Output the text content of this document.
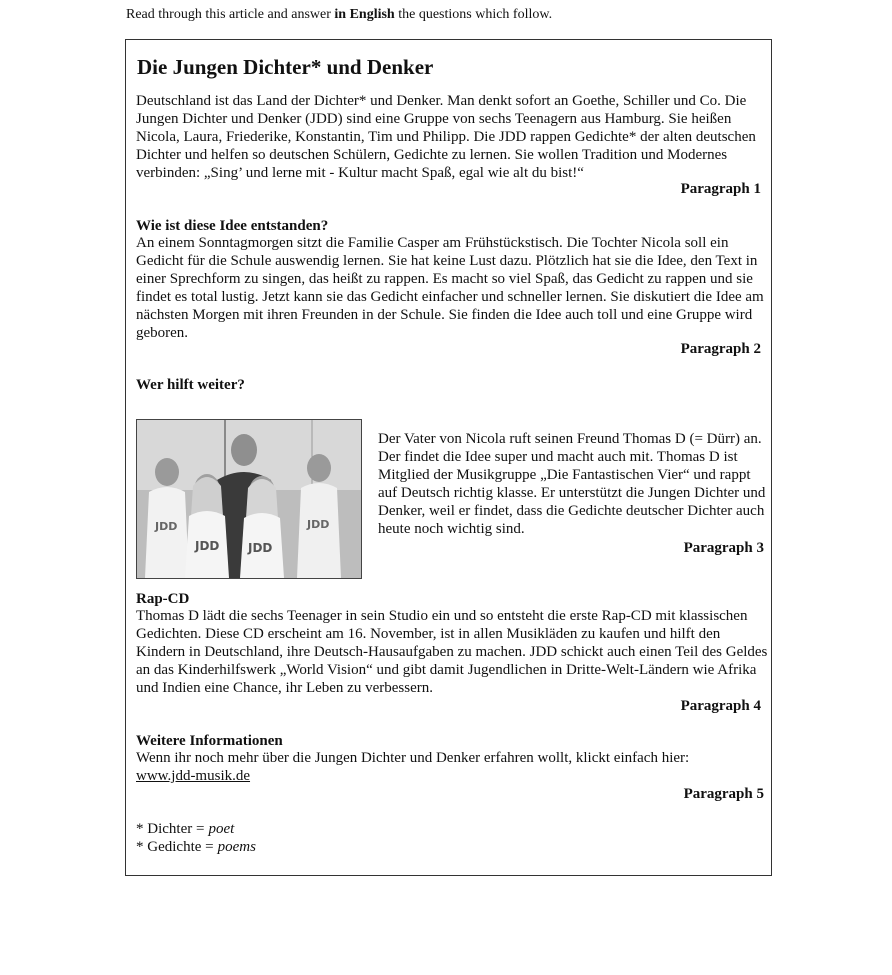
Read through this article and answer in English the questions which follow.
Die Jungen Dichter* und Denker
Deutschland ist das Land der Dichter* und Denker. Man denkt sofort an Goethe, Schiller und Co. Die Jungen Dichter und Denker (JDD) sind eine Gruppe von sechs Teenagern aus Hamburg. Sie heißen Nicola, Laura, Friederike, Konstantin, Tim und Philipp. Die JDD rappen Gedichte* der alten deutschen Dichter und helfen so deutschen Schülern, Gedichte zu lernen. Sie wollen Tradition und Modernes verbinden: „Sing’ und lerne mit - Kultur macht Spaß, egal wie alt du bist!“
Paragraph 1
Wie ist diese Idee entstanden?
An einem Sonntagmorgen sitzt die Familie Casper am Frühstückstisch. Die Tochter Nicola soll ein Gedicht für die Schule auswendig lernen. Sie hat keine Lust dazu. Plötzlich hat sie die Idee, den Text in einer Sprechform zu singen, das heißt zu rappen. Es macht so viel Spaß, das Gedicht zu rappen und sie findet es total lustig. Jetzt kann sie das Gedicht einfacher und schneller lernen. Sie diskutiert die Idee am nächsten Morgen mit ihren Freunden in der Schule. Sie finden die Idee auch toll und eine Gruppe wird geboren.
Paragraph 2
Wer hilft weiter?
JDD
JDD JDD
JDD
Der Vater von Nicola ruft seinen Freund Thomas D (= Dürr) an. Der findet die Idee super und macht auch mit. Thomas D ist Mitglied der Musikgruppe „Die Fantastischen Vier“ und rappt auf Deutsch richtig klasse. Er unterstützt die Jungen Dichter und Denker, weil er findet, dass die Gedichte deutscher Dichter auch heute noch wichtig sind.
Paragraph 3
Rap-CD
Thomas D lädt die sechs Teenager in sein Studio ein und so entsteht die erste Rap-CD mit klassischen Gedichten. Diese CD erscheint am 16. November, ist in allen Musikläden zu kaufen und hilft den Kindern in Deutschland, ihre Deutsch-Hausaufgaben zu machen. JDD schickt auch einen Teil des Geldes an das Kinderhilfswerk „World Vision“ und gibt damit Jugendlichen in Dritte-Welt-Ländern wie Afrika und Indien eine Chance, ihr Leben zu verbessern.
Paragraph 4
Weitere Informationen
Wenn ihr noch mehr über die Jungen Dichter und Denker erfahren wollt, klickt einfach hier:
www.jdd-musik.de
Paragraph 5
* Dichter = poet
* Gedichte = poems
